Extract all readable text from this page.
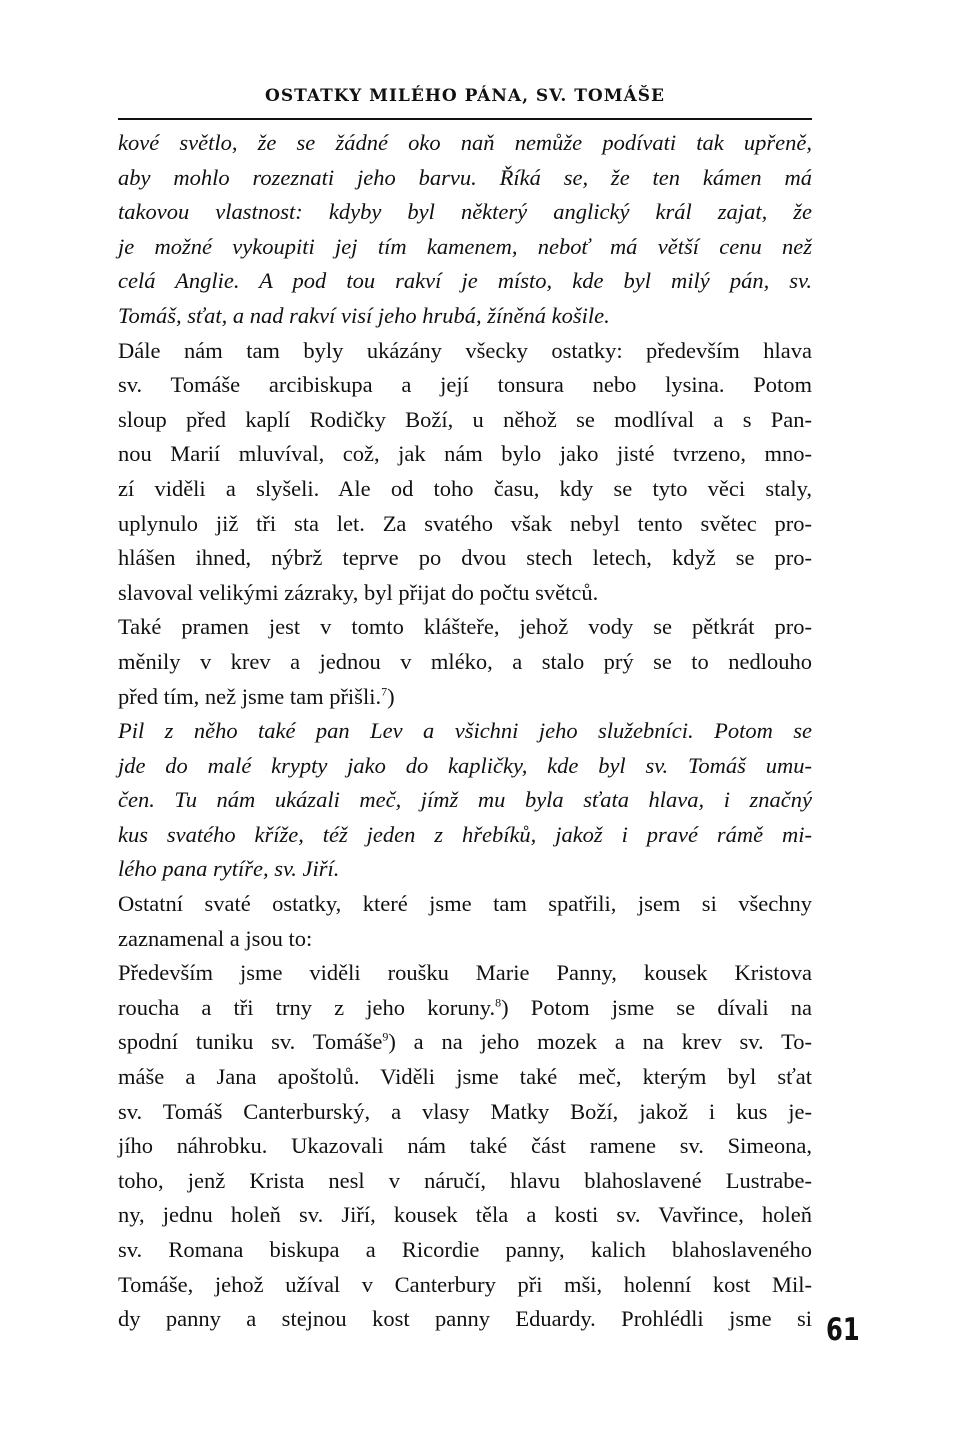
OSTATKY MILÉHO PÁNA, SV. TOMÁŠE
kové světlo, že se žádné oko naň nemůže podívati tak upřeně,
aby mohlo rozeznati jeho barvu. Říká se, že ten kámen má
takovou vlastnost: kdyby byl některý anglický král zajat, že
je možné vykoupiti jej tím kamenem, neboť má větší cenu než
celá Anglie. A pod tou rakví je místo, kde byl milý pán, sv.
Tomáš, sťat, a nad rakví visí jeho hrubá, žíněná košile.
Dále nám tam byly ukázány všecky ostatky: především hlava
sv. Tomáše arcibiskupa a její tonsura nebo lysina. Potom
sloup před kaplí Rodičky Boží, u něhož se modlíval a s Pan-
nou Marií mluvíval, což, jak nám bylo jako jisté tvrzeno, mno-
zí viděli a slyšeli. Ale od toho času, kdy se tyto věci staly,
uplynulo již tři sta let. Za svatého však nebyl tento světec pro-
hlášen ihned, nýbrž teprve po dvou stech letech, když se pro-
slavoval velikými zázraky, byl přijat do počtu světců.
Také pramen jest v tomto klášteře, jehož vody se pětkrát pro-
měnily v krev a jednou v mléko, a stalo prý se to nedlouho
před tím, než jsme tam přišli.$^7$)
Pil z něho také pan Lev a všichni jeho služebníci. Potom se
jde do malé krypty jako do kapličky, kde byl sv. Tomáš umu-
čen. Tu nám ukázali meč, jímž mu byla sťata hlava, i značný
kus svatého kříže, též jeden z hřebíků, jakož i pravé rámě mi-
lého pana rytíře, sv. Jiří.
Ostatní svaté ostatky, které jsme tam spatřili, jsem si všechny
zaznamenal a jsou to:
Především jsme viděli roušku Marie Panny, kousek Kristova
roucha a tři trny z jeho koruny.$^8$) Potom jsme se dívali na
spodní tuniku sv. Tomáše$^9$) a na jeho mozek a na krev sv. To-
máše a Jana apoštolů. Viděli jsme také meč, kterým byl sťat
sv. Tomáš Canterburský, a vlasy Matky Boží, jakož i kus je-
jího náhrobku. Ukazovali nám také část ramene sv. Simeona,
toho, jenž Krista nesl v náručí, hlavu blahoslavené Lustrabe-
ny, jednu holeň sv. Jiří, kousek těla a kosti sv. Vavřince, holeň
sv. Romana biskupa a Ricordie panny, kalich blahoslaveného
Tomáše, jehož užíval v Canterbury při mši, holenní kost Mil-
dy panny a stejnou kost panny Eduardy. Prohlédli jsme si 61
